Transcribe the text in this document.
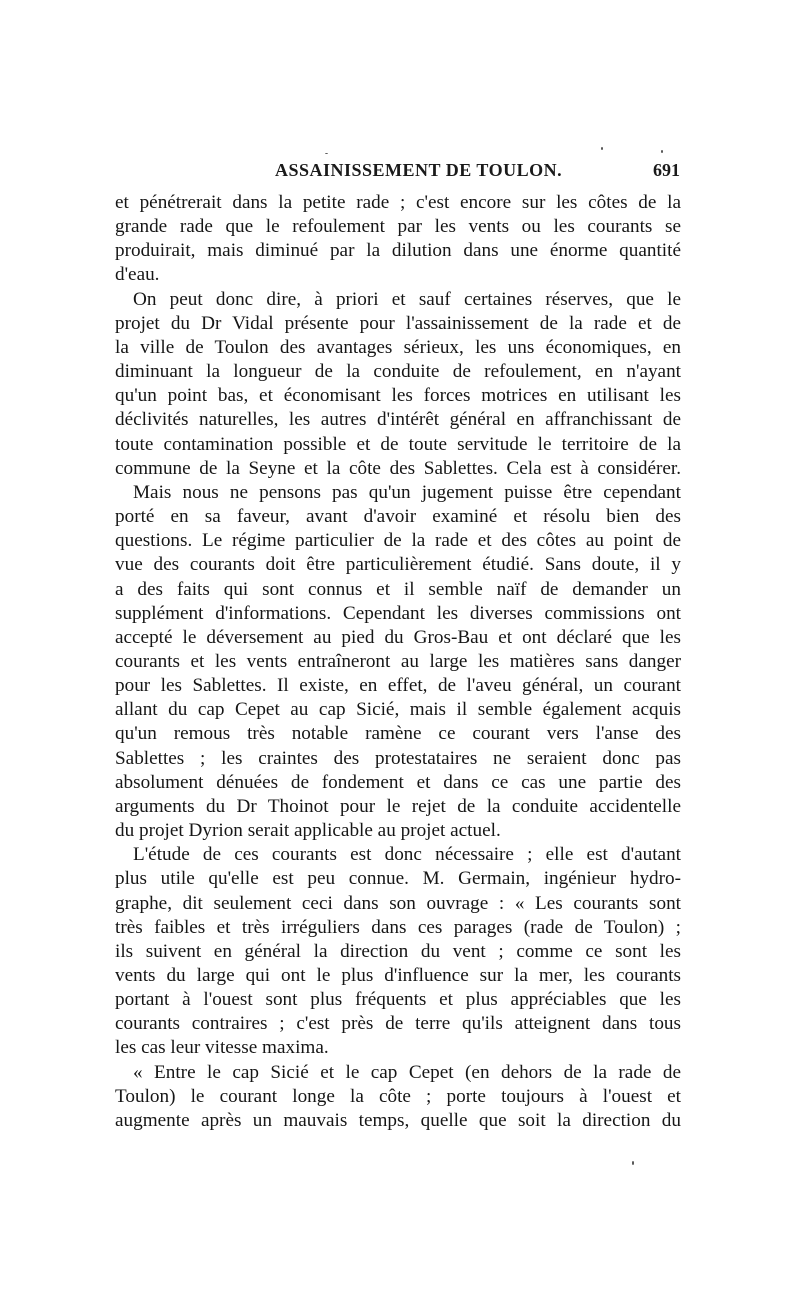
ASSAINISSEMENT DE TOULON.	691
et pénétrerait dans la petite rade ; c'est encore sur les côtes de la
grande rade que le refoulement par les vents ou les courants se
produirait, mais diminué par la dilution dans une énorme quantité
d'eau.
On peut donc dire, à priori et sauf certaines réserves, que le
projet du Dr Vidal présente pour l'assainissement de la rade et de
la ville de Toulon des avantages sérieux, les uns économiques, en
diminuant la longueur de la conduite de refoulement, en n'ayant
qu'un point bas, et économisant les forces motrices en utilisant les
déclivités naturelles, les autres d'intérêt général en affranchissant de
toute contamination possible et de toute servitude le territoire de la
commune de la Seyne et la côte des Sablettes. Cela est à considérer.
Mais nous ne pensons pas qu'un jugement puisse être cependant
porté en sa faveur, avant d'avoir examiné et résolu bien des
questions. Le régime particulier de la rade et des côtes au point de
vue des courants doit être particulièrement étudié. Sans doute, il y
a des faits qui sont connus et il semble naïf de demander un
supplément d'informations. Cependant les diverses commissions ont
accepté le déversement au pied du Gros-Bau et ont déclaré que les
courants et les vents entraîneront au large les matières sans danger
pour les Sablettes. Il existe, en effet, de l'aveu général, un courant
allant du cap Cepet au cap Sicié, mais il semble également acquis
qu'un remous très notable ramène ce courant vers l'anse des
Sablettes ; les craintes des protestataires ne seraient donc pas
absolument dénuées de fondement et dans ce cas une partie des
arguments du Dr Thoinot pour le rejet de la conduite accidentelle
du projet Dyrion serait applicable au projet actuel.
L'étude de ces courants est donc nécessaire ; elle est d'autant
plus utile qu'elle est peu connue. M. Germain, ingénieur hydro-
graphe, dit seulement ceci dans son ouvrage : « Les courants sont
très faibles et très irréguliers dans ces parages (rade de Toulon) ;
ils suivent en général la direction du vent ; comme ce sont les
vents du large qui ont le plus d'influence sur la mer, les courants
portant à l'ouest sont plus fréquents et plus appréciables que les
courants contraires ; c'est près de terre qu'ils atteignent dans tous
les cas leur vitesse maxima.
« Entre le cap Sicié et le cap Cepet (en dehors de la rade de
Toulon) le courant longe la côte ; porte toujours à l'ouest et
augmente après un mauvais temps, quelle que soit la direction du
